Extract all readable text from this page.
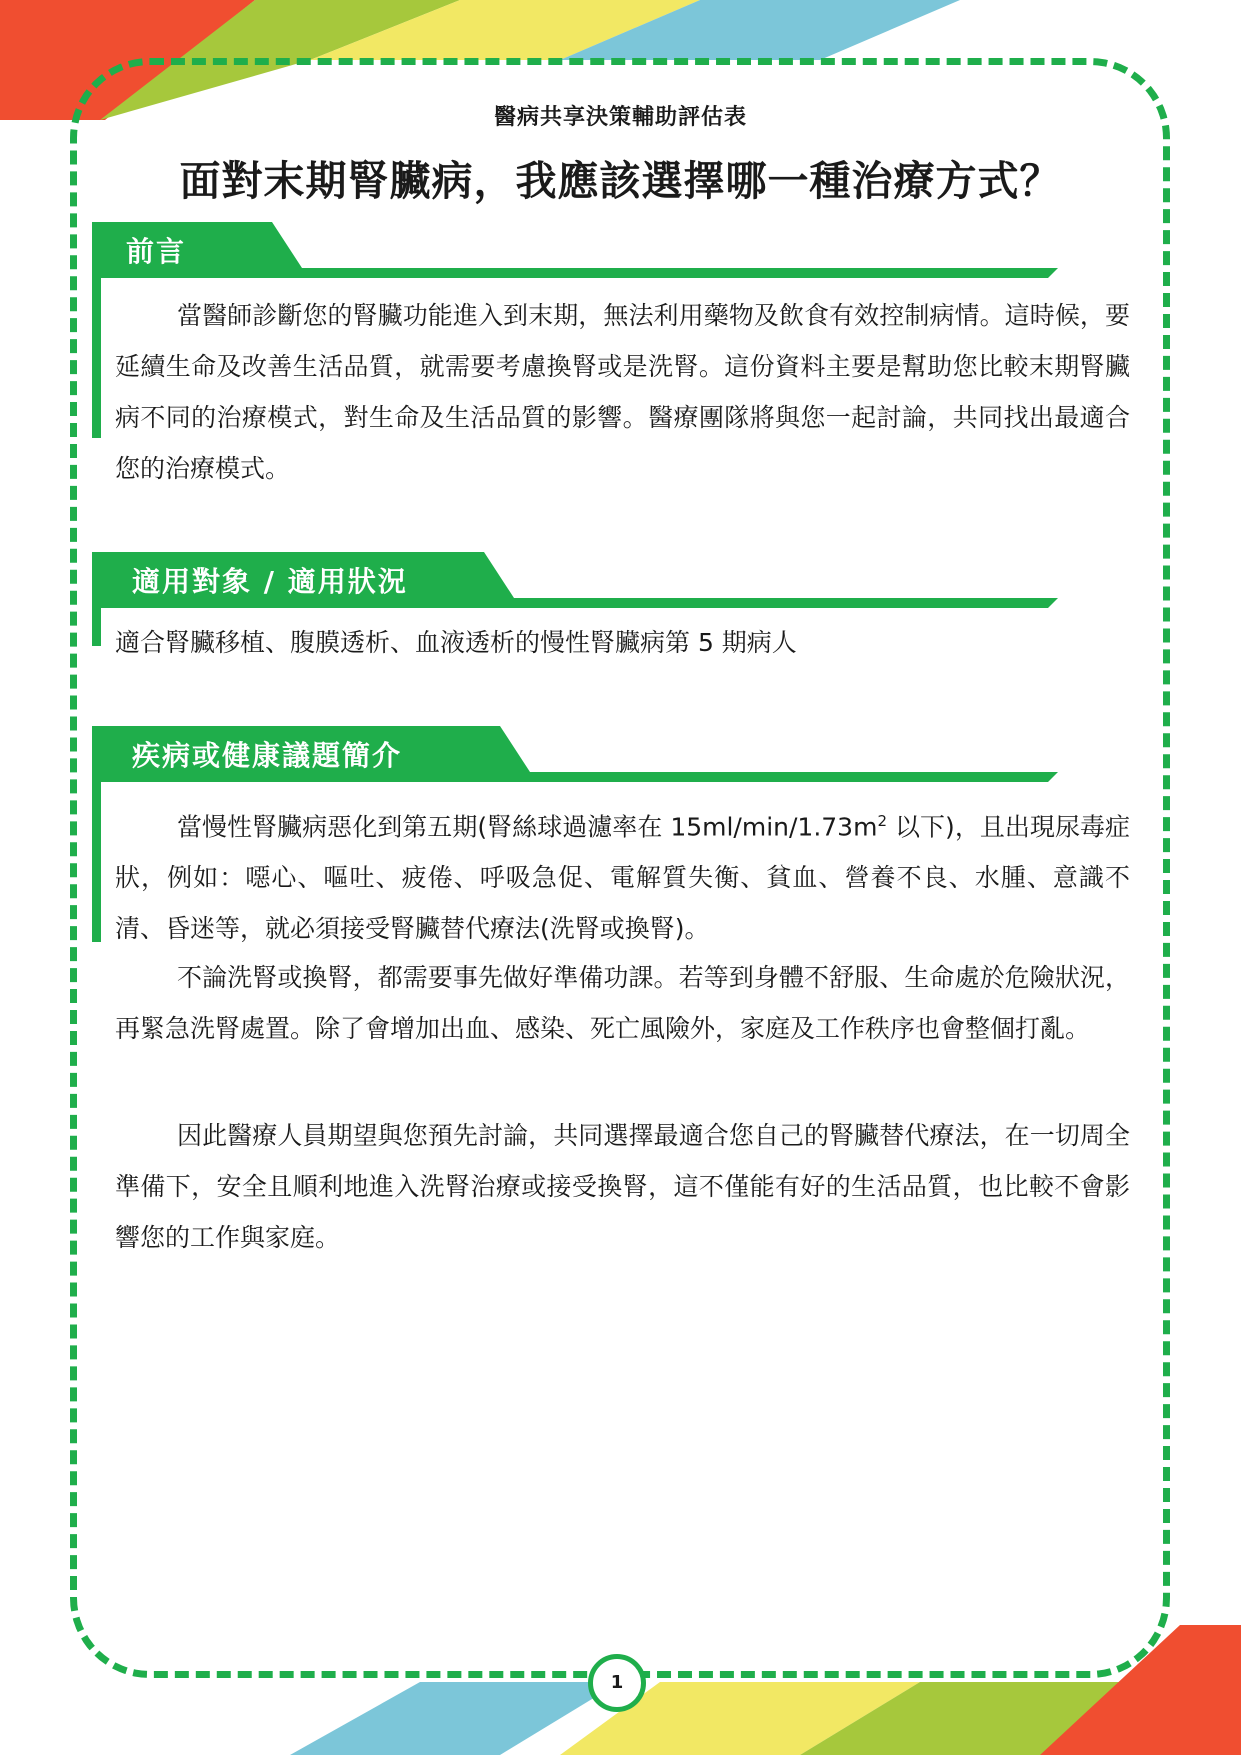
醫病共享決策輔助評估表
面對末期腎臟病，我應該選擇哪一種治療方式？
前言

當醫師診斷您的腎臟功能進入到末期，無法利用藥物及飲食有效控制病情。這時候，要延續生命及改善生活品質，就需要考慮換腎或是洗腎。這份資料主要是幫助您比較末期腎臟病不同的治療模式，對生命及生活品質的影響。醫療團隊將與您一起討論，共同找出最適合您的治療模式。

適用對象 / 適用狀況

適合腎臟移植、腹膜透析、血液透析的慢性腎臟病第 5 期病人

疾病或健康議題簡介

當慢性腎臟病惡化到第五期(腎絲球過濾率在 $15ml/\min/1.73m^2$ 以下)，且出現尿毒症狀，例如：噁心、嘔吐、疲倦、呼吸急促、電解質失衡、貧血、營養不良、水腫、意識不清、昏迷等，就必須接受腎臟替代療法(洗腎或換腎)。

不論洗腎或換腎，都需要事先做好準備功課。若等到身體不舒服、生命處於危險狀況，再緊急洗腎處置。除了會增加出血、感染、死亡風險外，家庭及工作秩序也會整個打亂。

因此醫療人員期望與您預先討論，共同選擇最適合您自己的腎臟替代療法，在一切周全準備下，安全且順利地進入洗腎治療或接受換腎，這不僅能有好的生活品質，也比較不會影響您的工作與家庭。

1
